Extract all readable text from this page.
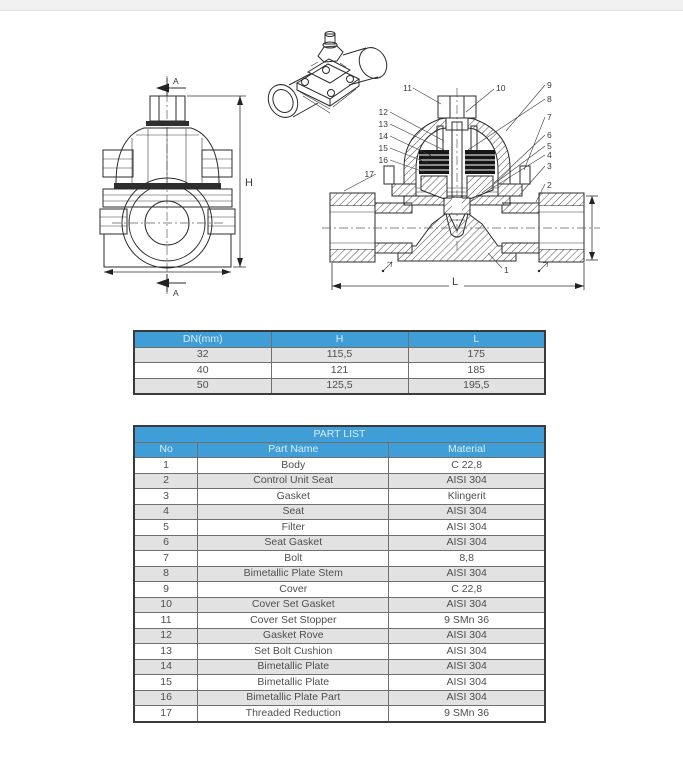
A
A
H
L
11
12
13
14
15
16
17
10	9
8
7
6
5
4
3
2
1
DN(mm)	H	L
32	115,5	175
40	121	185
50	125,5	195,5
PART LIST		
No	Part Name	Material
1	Body	C 22,8
2	Control Unit Seat	AISI 304
3	Gasket	Klingerit
4	Seat	AISI 304
5	Filter	AISI 304
6	Seat Gasket	AISI 304
7	Bolt	8,8
8	Bimetallic Plate Stem	AISI 304
9	Cover	C 22,8
10	Cover Set Gasket	AISI 304
11	Cover Set Stopper	9 SMn 36
12	Gasket Rove	AISI 304
13	Set Bolt Cushion	AISI 304
14	Bimetallic Plate	AISI 304
15	Bimetallic Plate	AISI 304
16	Bimetallic Plate Part	AISI 304
17	Threaded Reduction	9 SMn 36
